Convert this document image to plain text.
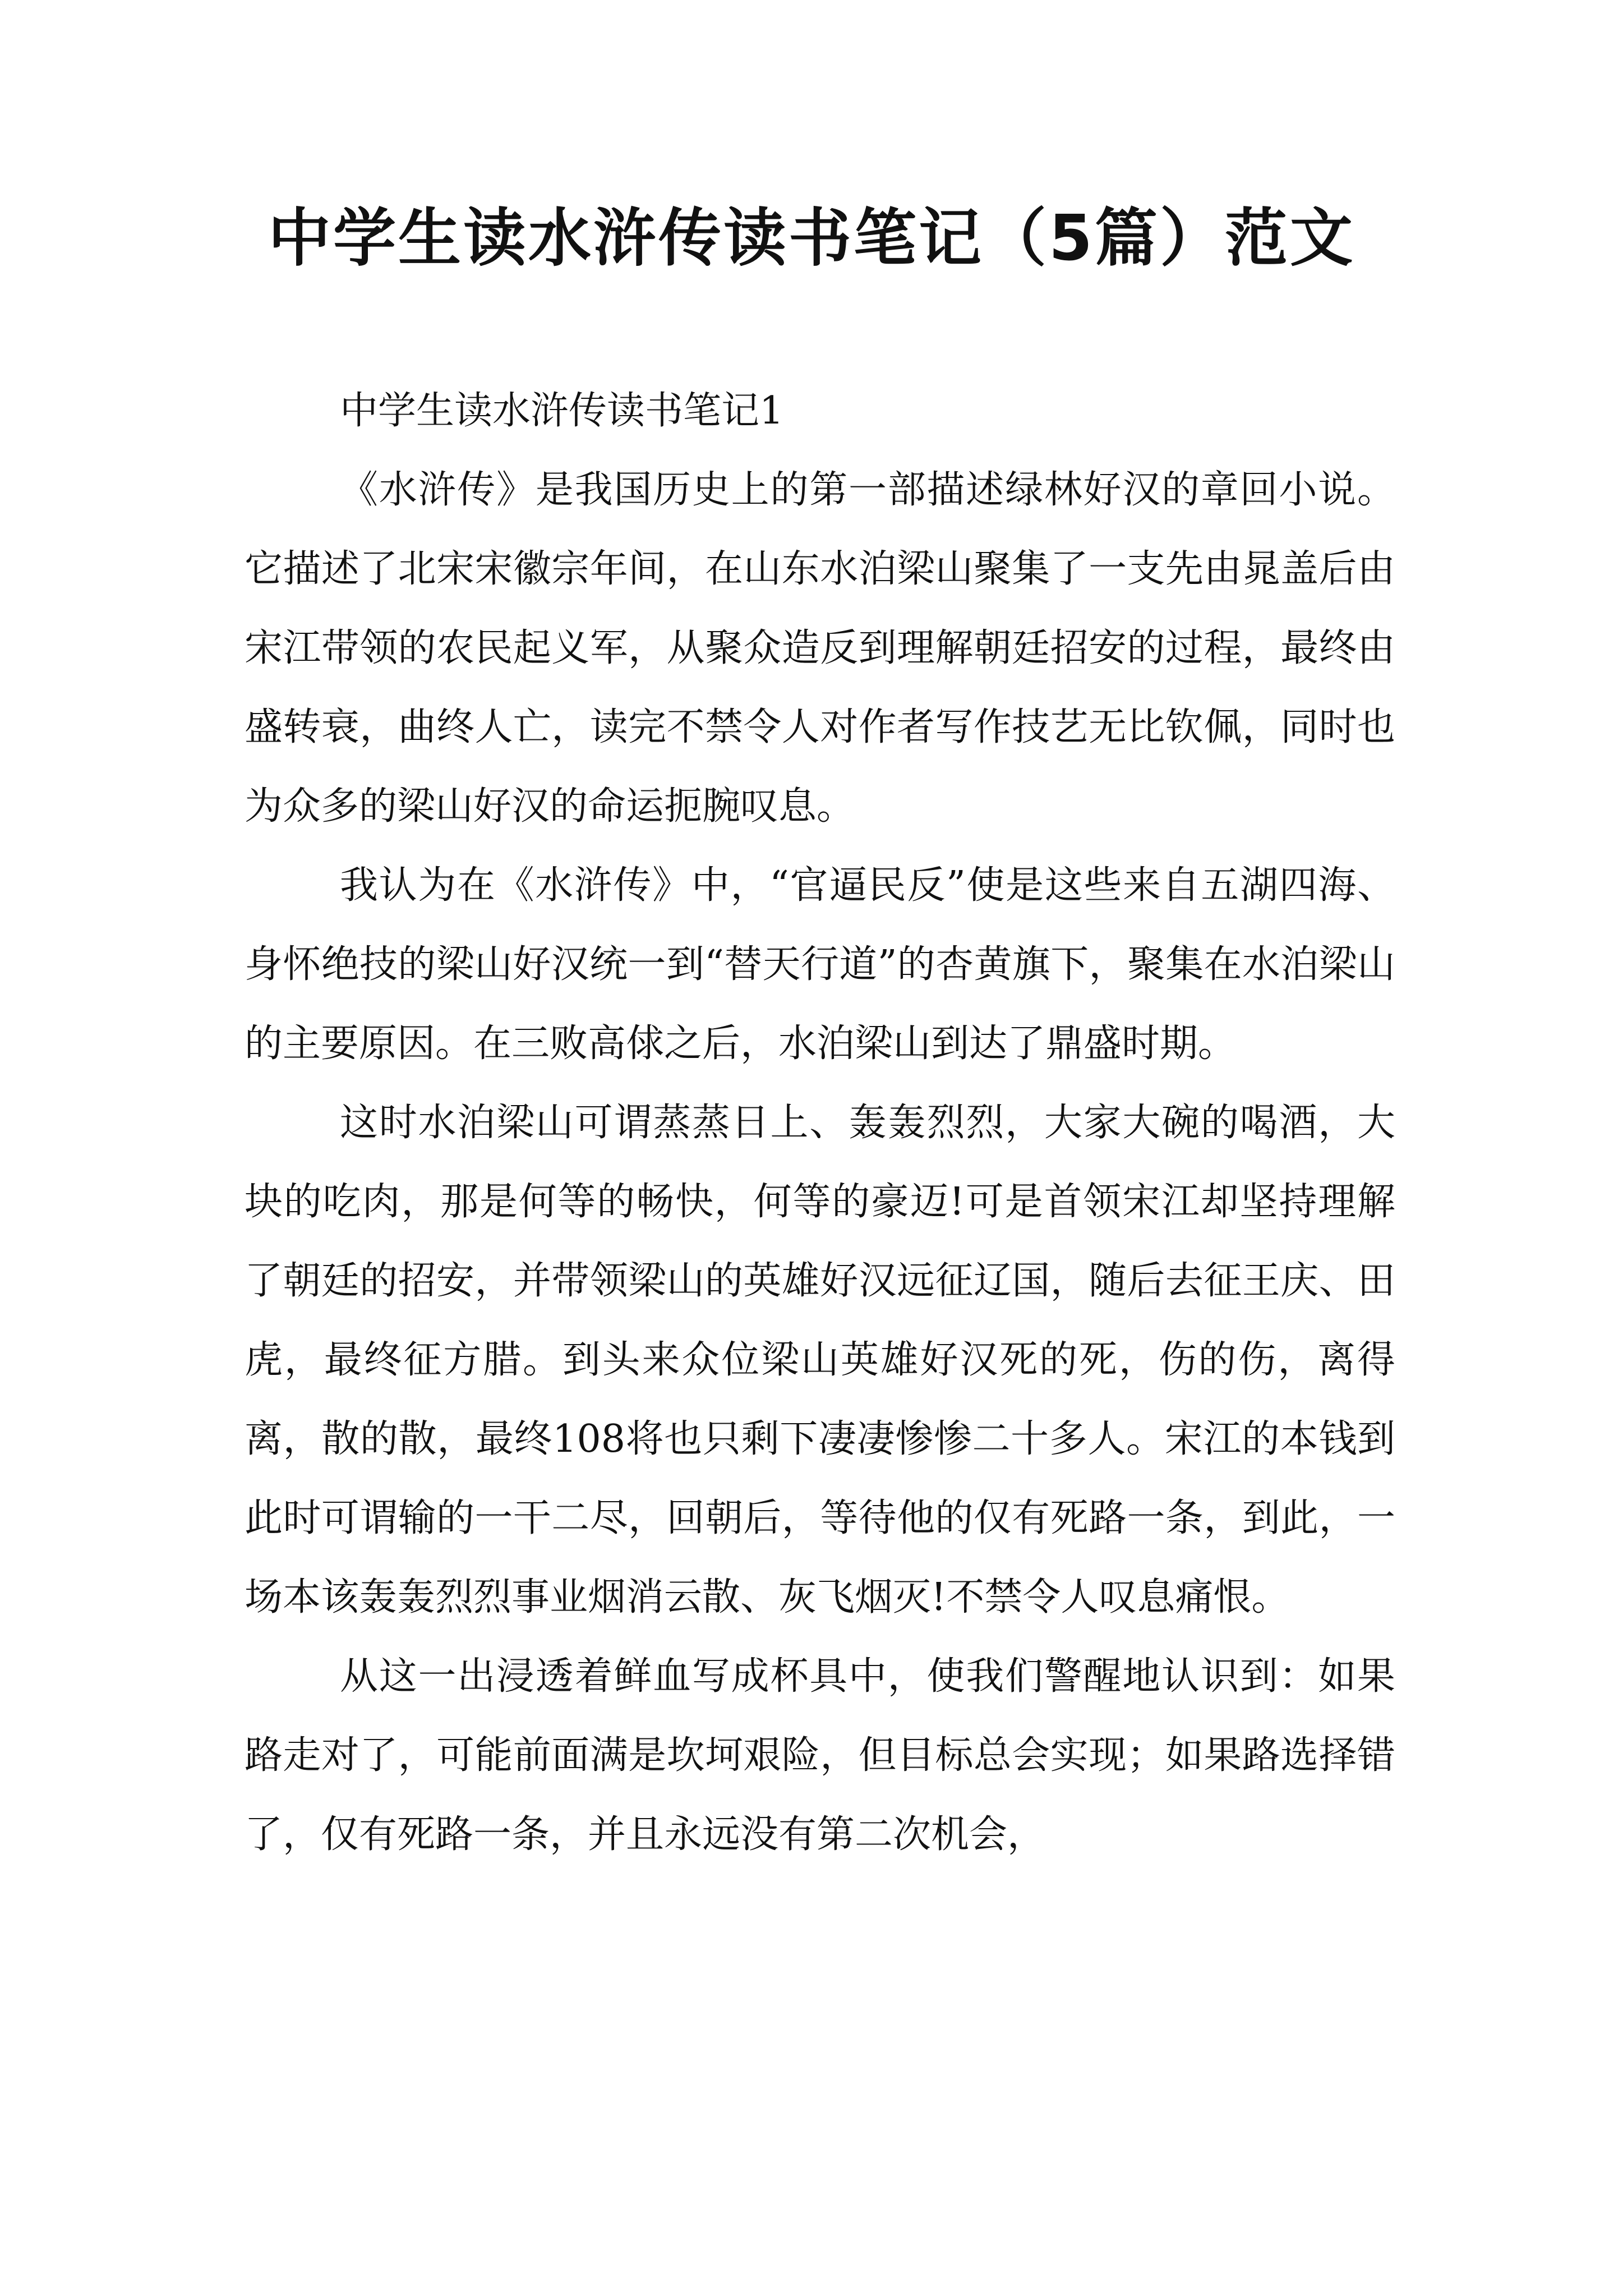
中学生读水浒传读书笔记（5篇）范文

中学生读水浒传读书笔记1

《水浒传》是我国历史上的第一部描述绿林好汉的章回小说。它描述了北宋宋徽宗年间，在山东水泊梁山聚集了一支先由晁盖后由宋江带领的农民起义军，从聚众造反到理解朝廷招安的过程，最终由盛转衰，曲终人亡，读完不禁令人对作者写作技艺无比钦佩，同时也为众多的梁山好汉的命运扼腕叹息。

我认为在《水浒传》中，“官逼民反”使是这些来自五湖四海、身怀绝技的梁山好汉统一到“替天行道”的杏黄旗下，聚集在水泊梁山的主要原因。在三败高俅之后，水泊梁山到达了鼎盛时期。

这时水泊梁山可谓蒸蒸日上、轰轰烈烈，大家大碗的喝酒，大块的吃肉，那是何等的畅快，何等的豪迈!可是首领宋江却坚持理解了朝廷的招安，并带领梁山的英雄好汉远征辽国，随后去征王庆、田虎，最终征方腊。到头来众位梁山英雄好汉死的死，伤的伤，离得离，散的散，最终108将也只剩下凄凄惨惨二十多人。宋江的本钱到此时可谓输的一干二尽，回朝后，等待他的仅有死路一条，到此，一场本该轰轰烈烈事业烟消云散、灰飞烟灭!不禁令人叹息痛恨。

从这一出浸透着鲜血写成杯具中，使我们警醒地认识到：如果路走对了，可能前面满是坎坷艰险，但目标总会实现；如果路选择错了，仅有死路一条，并且永远没有第二次机会，
